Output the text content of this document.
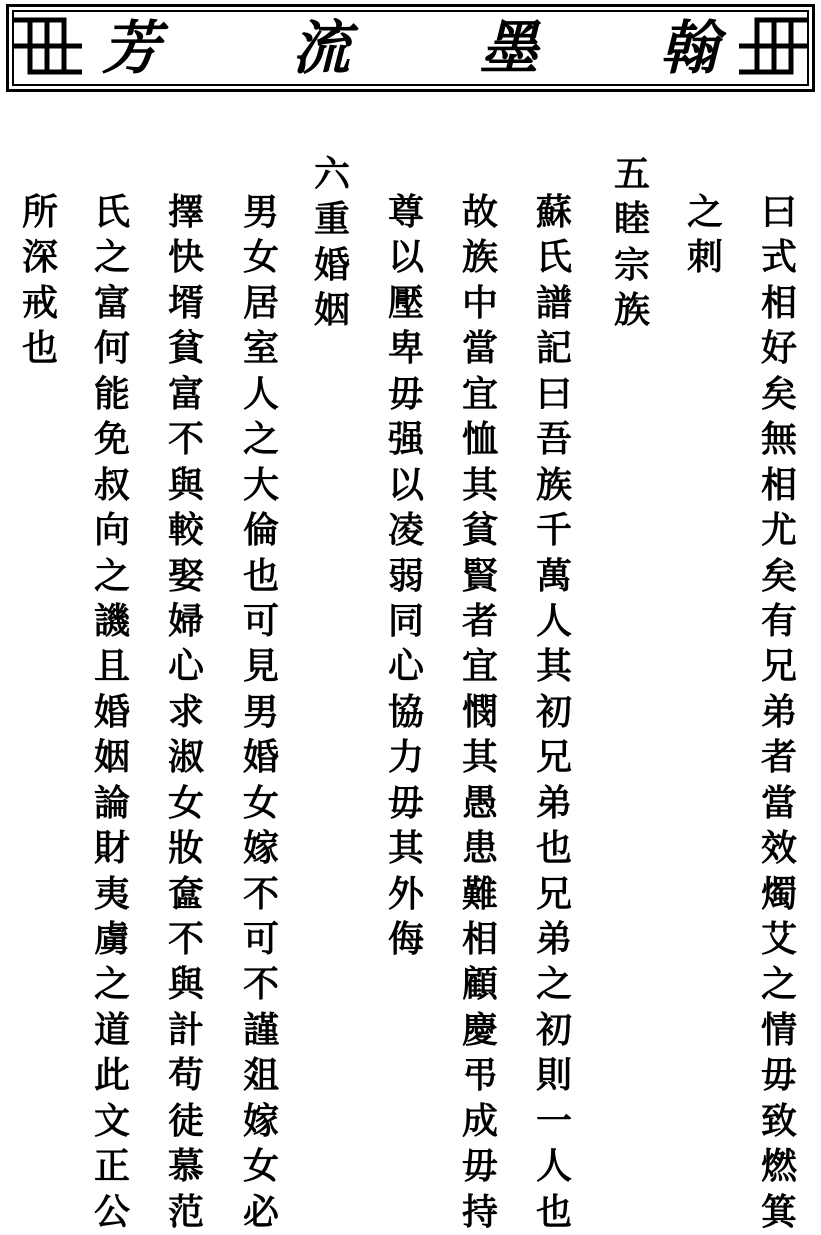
芳 流 墨 翰
曰
式
相
好
矣
無
相
尤
矣
有
兄
弟
者
當
效
燭
艾
之
情
毋
致
燃
箕
之
刺
五
睦
宗
族
蘇
氏
譜
記
曰
吾
族
千
萬
人
其
初
兄
弟
也
兄
弟
之
初
則
一
人
也
故
族
中
當
宜
恤
其
貧
賢
者
宜
憫
其
愚
患
難
相
顧
慶
弔
成
毋
持
尊
以
壓
卑
毋
强
以
凌
弱
同
心
協
力
毋
其
外
侮
六
重
婚
姻
男
女
居
室
人
之
大
倫
也
可
見
男
婚
女
嫁
不
可
不
謹
爼
嫁
女
必
擇
快
壻
貧
富
不
與
較
娶
婦
心
求
淑
女
妝
奩
不
與
計
苟
徒
慕
范
氏
之
富
何
能
免
叔
向
之
譏
且
婚
姻
論
財
夷
虜
之
道
此
文
正
公
所
深
戒
也
